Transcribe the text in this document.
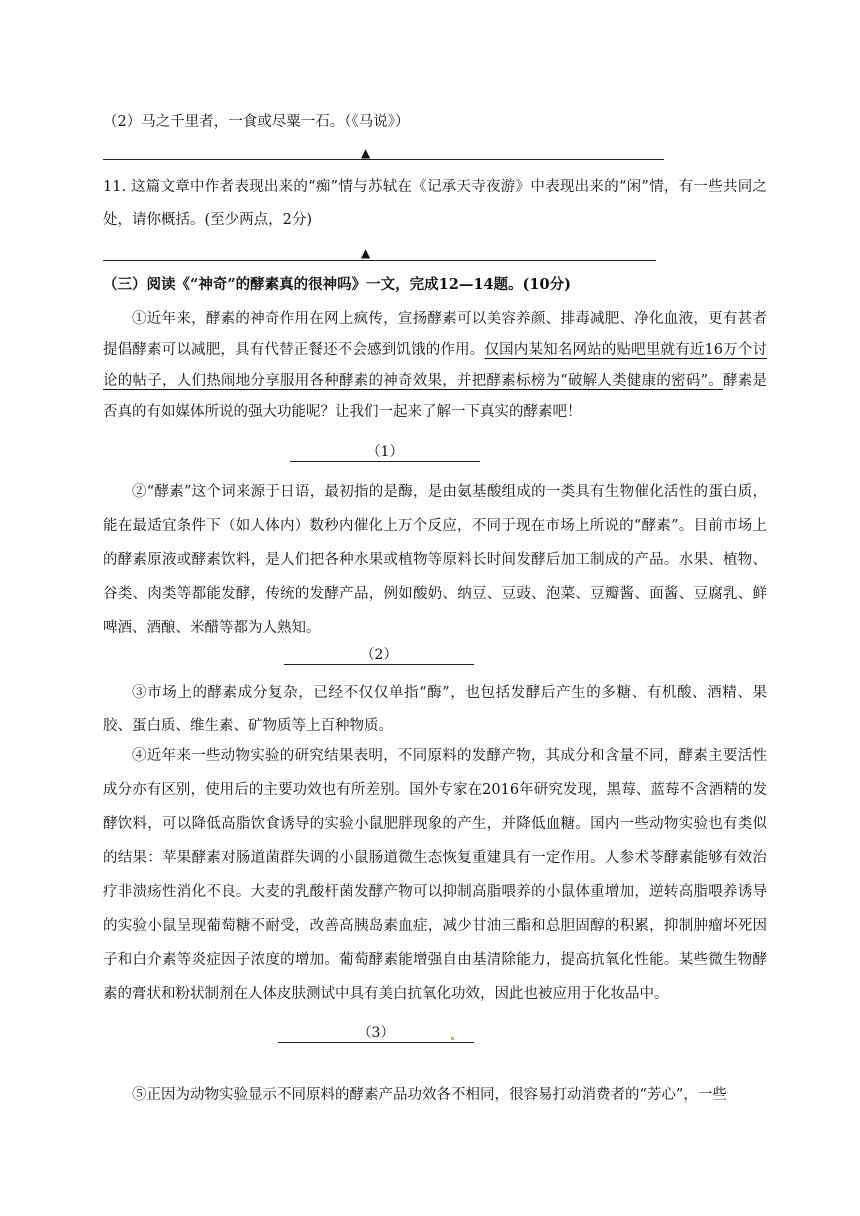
（2）马之千里者，一食或尽粟一石。（《马说》）
▲
11. 这篇文章中作者表现出来的“痴”情与苏轼在《记承天寺夜游》中表现出来的“闲”情，有一些共同之处，请你概括。(至少两点，2分)
▲
（三）阅读《“神奇”的酵素真的很神吗》一文，完成12—14题。(10分)
①近年来，酵素的神奇作用在网上疯传，宣扬酵素可以美容养颜、排毒减肥、净化血液，更有甚者提倡酵素可以减肥，具有代替正餐还不会感到饥饿的作用。仅国内某知名网站的贴吧里就有近16万个讨论的帖子，人们热闹地分享服用各种酵素的神奇效果，并把酵素标榜为“破解人类健康的密码”。酵素是否真的有如媒体所说的强大功能呢？让我们一起来了解一下真实的酵素吧！
（1）
②“酵素”这个词来源于日语，最初指的是酶，是由氨基酸组成的一类具有生物催化活性的蛋白质，能在最适宜条件下（如人体内）数秒内催化上万个反应，不同于现在市场上所说的“酵素”。目前市场上的酵素原液或酵素饮料，是人们把各种水果或植物等原料长时间发酵后加工制成的产品。水果、植物、谷类、肉类等都能发酵，传统的发酵产品，例如酸奶、纳豆、豆豉、泡菜、豆瓣酱、面酱、豆腐乳、鲜啤酒、酒酿、米醋等都为人熟知。
（2）
③市场上的酵素成分复杂，已经不仅仅单指“酶”，也包括发酵后产生的多糖、有机酸、酒精、果胶、蛋白质、维生素、矿物质等上百种物质。
④近年来一些动物实验的研究结果表明，不同原料的发酵产物，其成分和含量不同，酵素主要活性成分亦有区别，使用后的主要功效也有所差别。国外专家在2016年研究发现，黑莓、蓝莓不含酒精的发酵饮料，可以降低高脂饮食诱导的实验小鼠肥胖现象的产生，并降低血糖。国内一些动物实验也有类似的结果：苹果酵素对肠道菌群失调的小鼠肠道微生态恢复重建具有一定作用。人参术苓酵素能够有效治疗非溃疡性消化不良。大麦的乳酸杆菌发酵产物可以抑制高脂喂养的小鼠体重增加，逆转高脂喂养诱导的实验小鼠呈现葡萄糖不耐受，改善高胰岛素血症，减少甘油三酯和总胆固醇的积累，抑制肿瘤坏死因子和白介素等炎症因子浓度的增加。葡萄酵素能增强自由基清除能力，提高抗氧化性能。某些微生物酵素的膏状和粉状制剂在人体皮肤测试中具有美白抗氧化功效，因此也被应用于化妆品中。
（3）
⑤正因为动物实验显示不同原料的酵素产品功效各不相同，很容易打动消费者的“芳心”，一些
